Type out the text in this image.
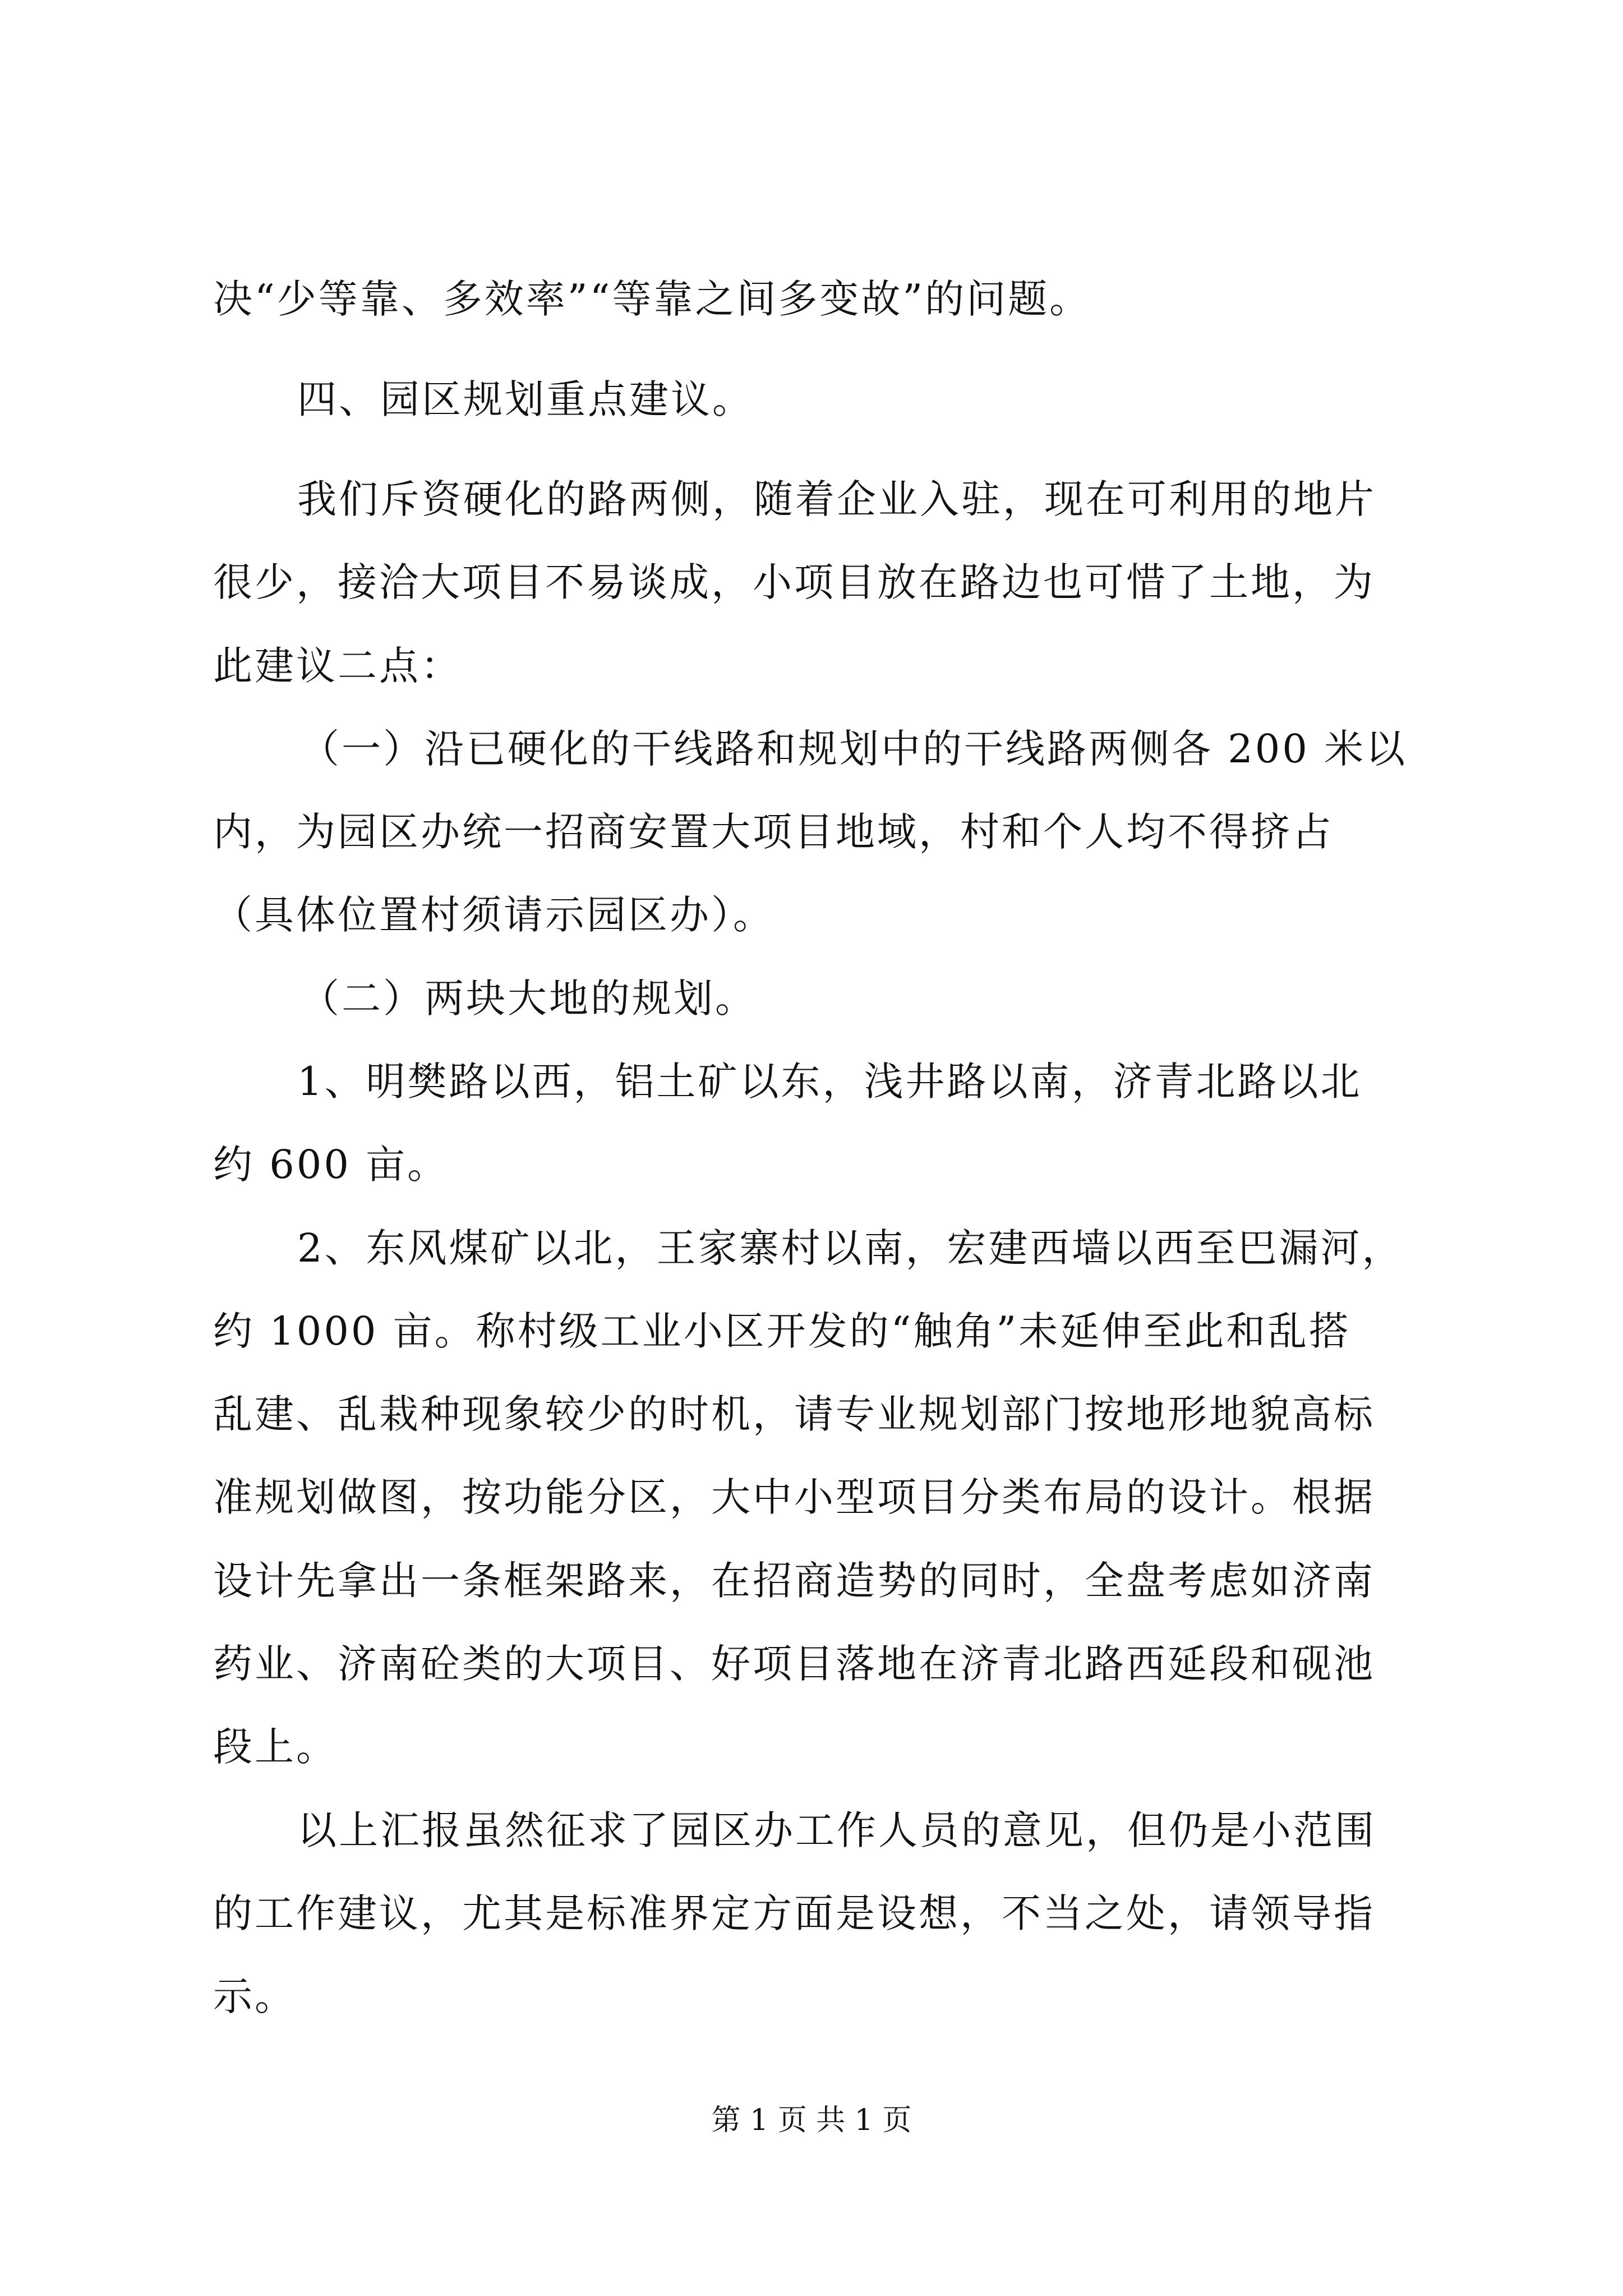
决“少等靠、多效率”“等靠之间多变故”的问题。
四、园区规划重点建议。
我们斥资硬化的路两侧，随着企业入驻，现在可利用的地片
很少，接洽大项目不易谈成，小项目放在路边也可惜了土地，为
此建议二点：
（一）沿已硬化的干线路和规划中的干线路两侧各 200 米以
内，为园区办统一招商安置大项目地域，村和个人均不得挤占
（具体位置村须请示园区办）。
（二）两块大地的规划。
1、明樊路以西，铝土矿以东，浅井路以南，济青北路以北
约 600 亩。
2、东风煤矿以北，王家寨村以南，宏建西墙以西至巴漏河，
约 1000 亩。称村级工业小区开发的“触角”未延伸至此和乱搭
乱建、乱栽种现象较少的时机，请专业规划部门按地形地貌高标
准规划做图，按功能分区，大中小型项目分类布局的设计。根据
设计先拿出一条框架路来，在招商造势的同时，全盘考虑如济南
药业、济南砼类的大项目、好项目落地在济青北路西延段和砚池
段上。
以上汇报虽然征求了园区办工作人员的意见，但仍是小范围
的工作建议，尤其是标准界定方面是设想，不当之处，请领导指
示。
第 1 页 共 1 页
